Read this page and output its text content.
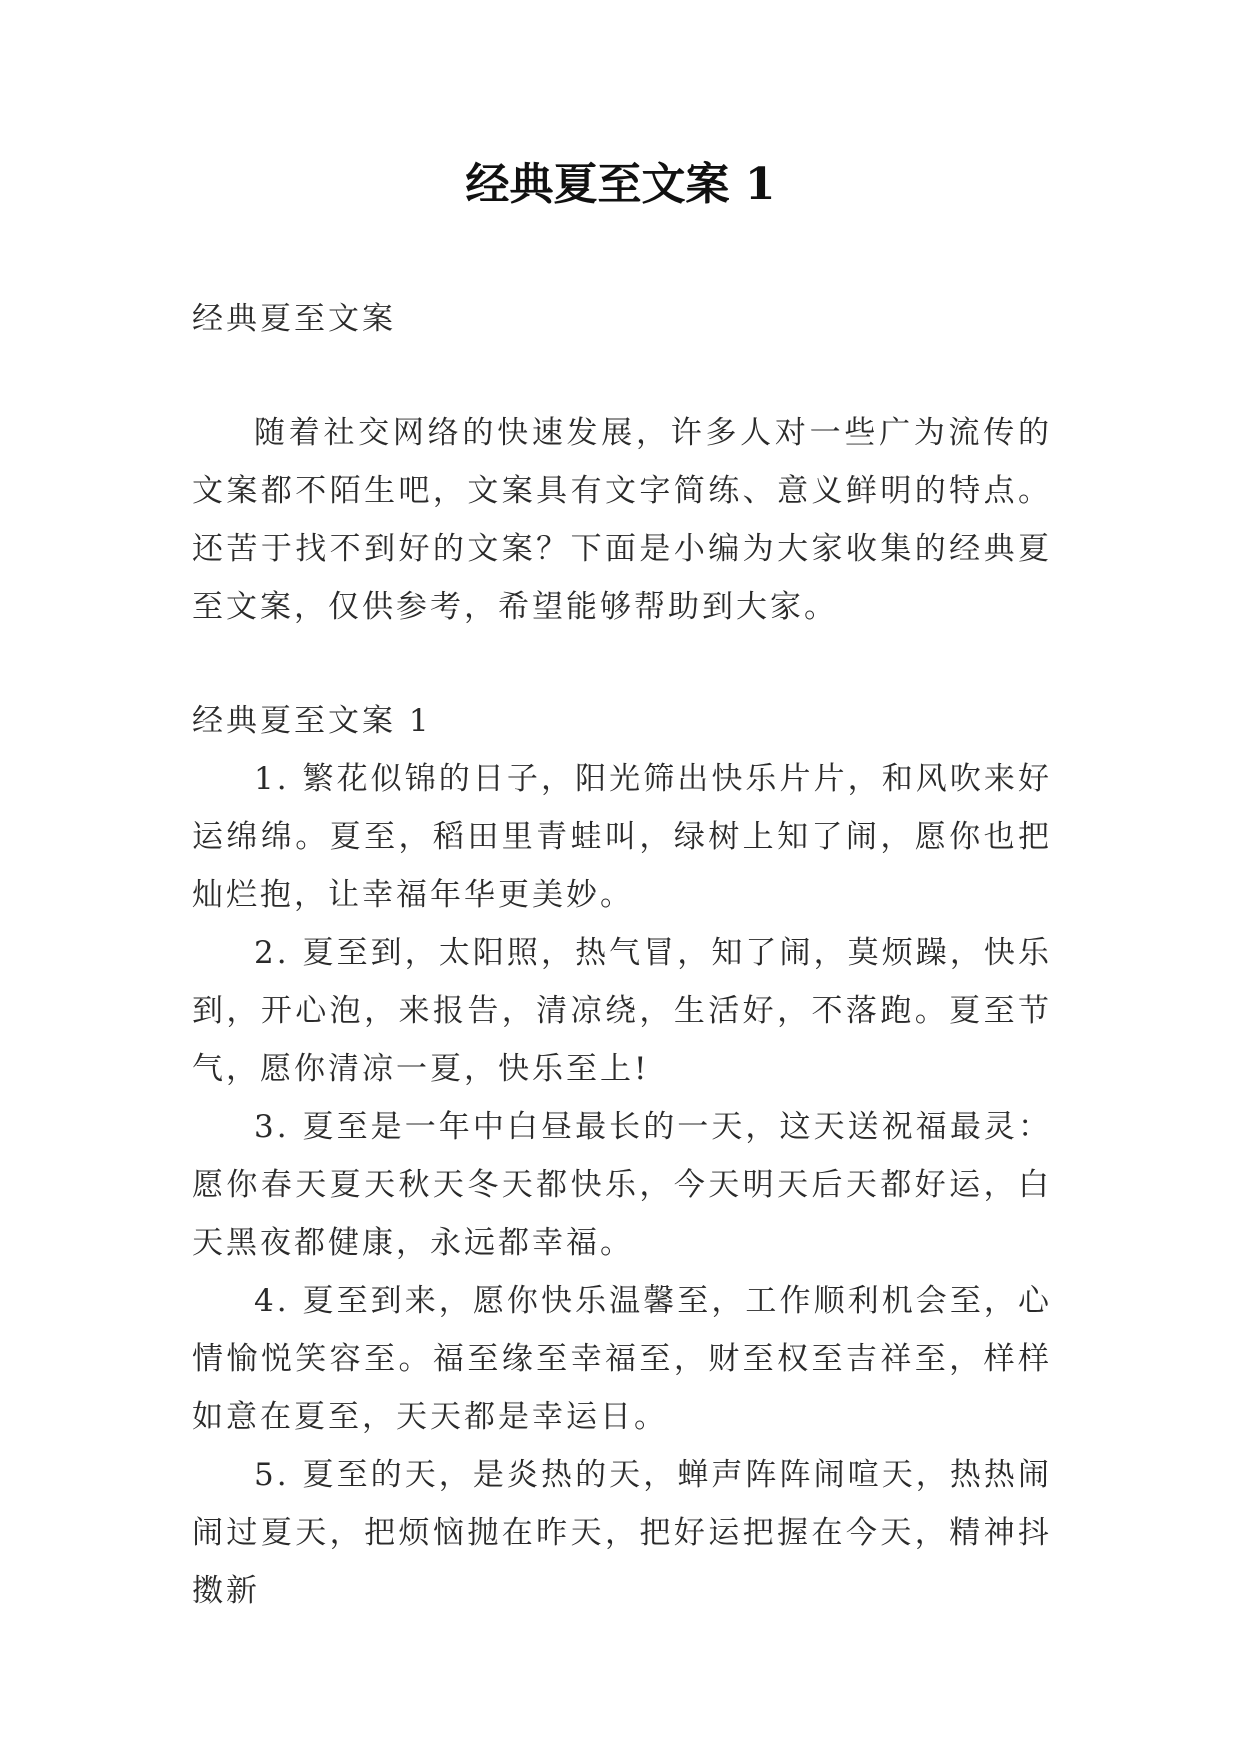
经典夏至文案 1

经典夏至文案

随着社交网络的快速发展，许多人对一些广为流传的文案都不陌生吧，文案具有文字简练、意义鲜明的特点。还苦于找不到好的文案？下面是小编为大家收集的经典夏至文案，仅供参考，希望能够帮助到大家。

经典夏至文案 1

1. 繁花似锦的日子，阳光筛出快乐片片，和风吹来好运绵绵。夏至，稻田里青蛙叫，绿树上知了闹，愿你也把灿烂抱，让幸福年华更美妙。

2. 夏至到，太阳照，热气冒，知了闹，莫烦躁，快乐到，开心泡，来报告，清凉绕，生活好，不落跑。夏至节气，愿你清凉一夏，快乐至上!

3. 夏至是一年中白昼最长的一天，这天送祝福最灵：愿你春天夏天秋天冬天都快乐，今天明天后天都好运，白天黑夜都健康，永远都幸福。

4. 夏至到来，愿你快乐温馨至，工作顺利机会至，心情愉悦笑容至。福至缘至幸福至，财至权至吉祥至，样样如意在夏至，天天都是幸运日。

5. 夏至的天，是炎热的天，蝉声阵阵闹喧天，热热闹闹过夏天，把烦恼抛在昨天，把好运把握在今天，精神抖擞新
